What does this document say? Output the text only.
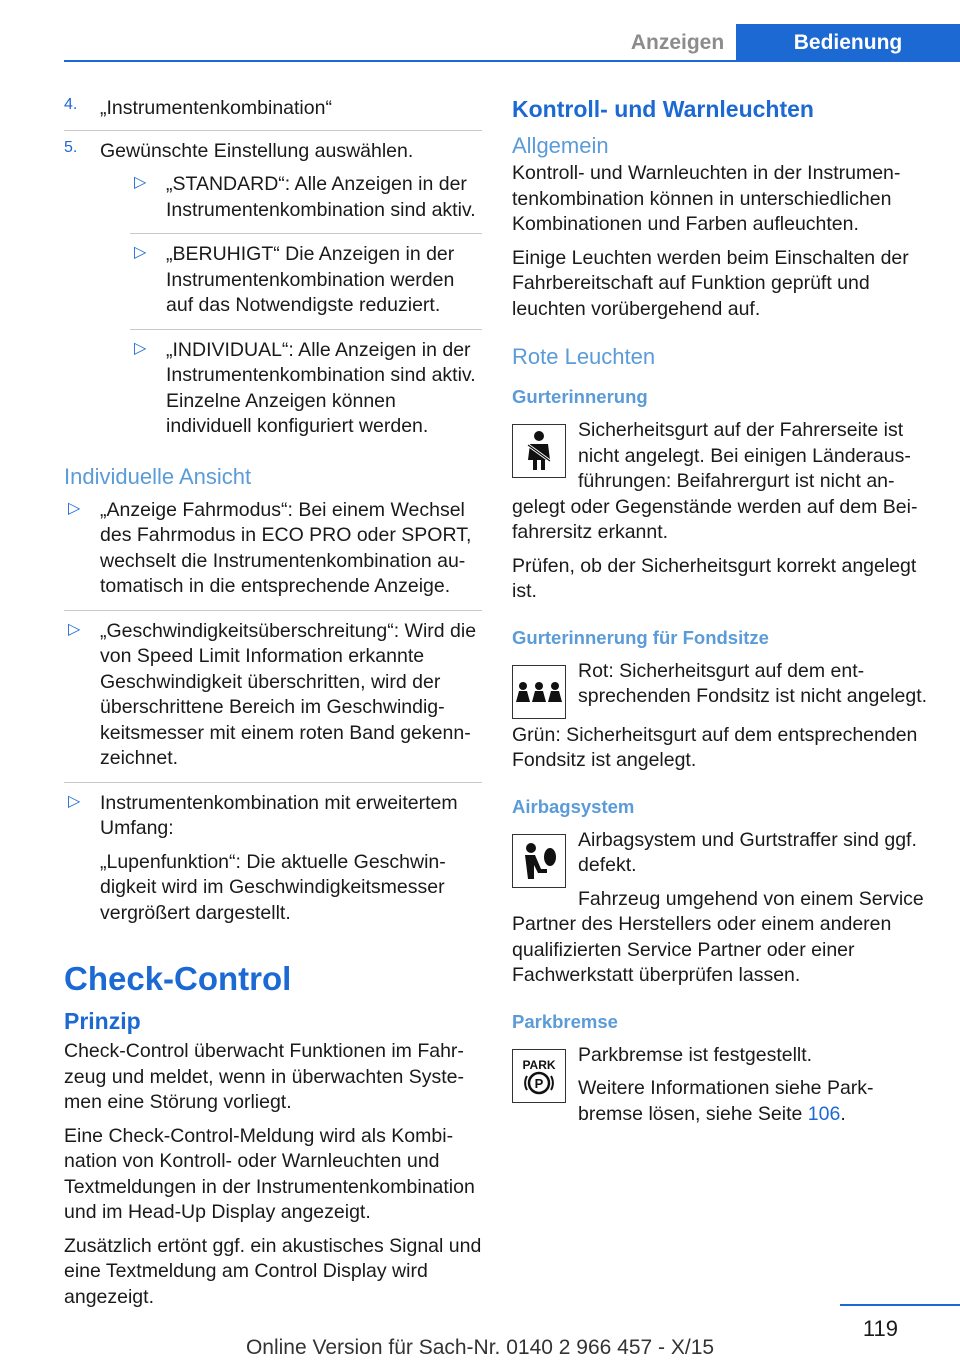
Anzeigen	Bedienung
4. „Instrumentenkombination“

5. Gewünschte Einstellung auswählen.

▷ „STANDARD“: Alle Anzeigen in der Instrumentenkombination sind aktiv.

▷ „BERUHIGT“ Die Anzeigen in der Instrumentenkombination werden auf das Notwendigste reduziert.

▷ „INDIVIDUAL“: Alle Anzeigen in der Instrumentenkombination sind aktiv. Einzelne Anzeigen können individuell konfiguriert werden.

Individuelle Ansicht
▷ „Anzeige Fahrmodus“: Bei einem Wechsel des Fahrmodus in ECO PRO oder SPORT, wechselt die Instrumentenkombination automatisch in die entsprechende Anzeige.

▷ „Geschwindigkeitsüberschreitung“: Wird die von Speed Limit Information erkannte Geschwindigkeit überschritten, wird der überschrittene Bereich im Geschwindigkeitsmesser mit einem roten Band gekennzeichnet.

▷ Instrumentenkombination mit erweitertem Umfang:

„Lupenfunktion“: Die aktuelle Geschwindigkeit wird im Geschwindigkeitsmesser vergrößert dargestellt.

Check-Control
Prinzip

Check-Control überwacht Funktionen im Fahrzeug und meldet, wenn in überwachten Systemen eine Störung vorliegt.

Eine Check-Control-Meldung wird als Kombination von Kontroll- oder Warnleuchten und Textmeldungen in der Instrumentenkombination und im Head-Up Display angezeigt.

Zusätzlich ertönt ggf. ein akustisches Signal und eine Textmeldung am Control Display wird angezeigt.

Kontroll- und Warnleuchten
Allgemein

Kontroll- und Warnleuchten in der Instrumentenkombination können in unterschiedlichen Kombinationen und Farben aufleuchten.

Einige Leuchten werden beim Einschalten der Fahrbereitschaft auf Funktion geprüft und leuchten vorübergehend auf.

Rote Leuchten
Gurterinnerung

Sicherheitsgurt auf der Fahrerseite ist nicht angelegt. Bei einigen Länderausführungen: Beifahrergurt ist nicht angelegt oder Gegenstände werden auf dem Beifahrersitz erkannt.

Prüfen, ob der Sicherheitsgurt korrekt angelegt ist.

Gurterinnerung für Fondsitze

Rot: Sicherheitsgurt auf dem entsprechenden Fondsitz ist nicht angelegt.

Grün: Sicherheitsgurt auf dem entsprechenden Fondsitz ist angelegt.

Airbagsystem

Airbagsystem und Gurtstraffer sind ggf. defekt.

Fahrzeug umgehend von einem Service Partner des Herstellers oder einem anderen qualifizierten Service Partner oder einer Fachwerkstatt überprüfen lassen.

Parkbremse
PARK
P

Parkbremse ist festgestellt.

Weitere Informationen siehe Parkbremse lösen, siehe Seite 106.

119
Online Version für Sach-Nr. 0140 2 966 457 - X/15
